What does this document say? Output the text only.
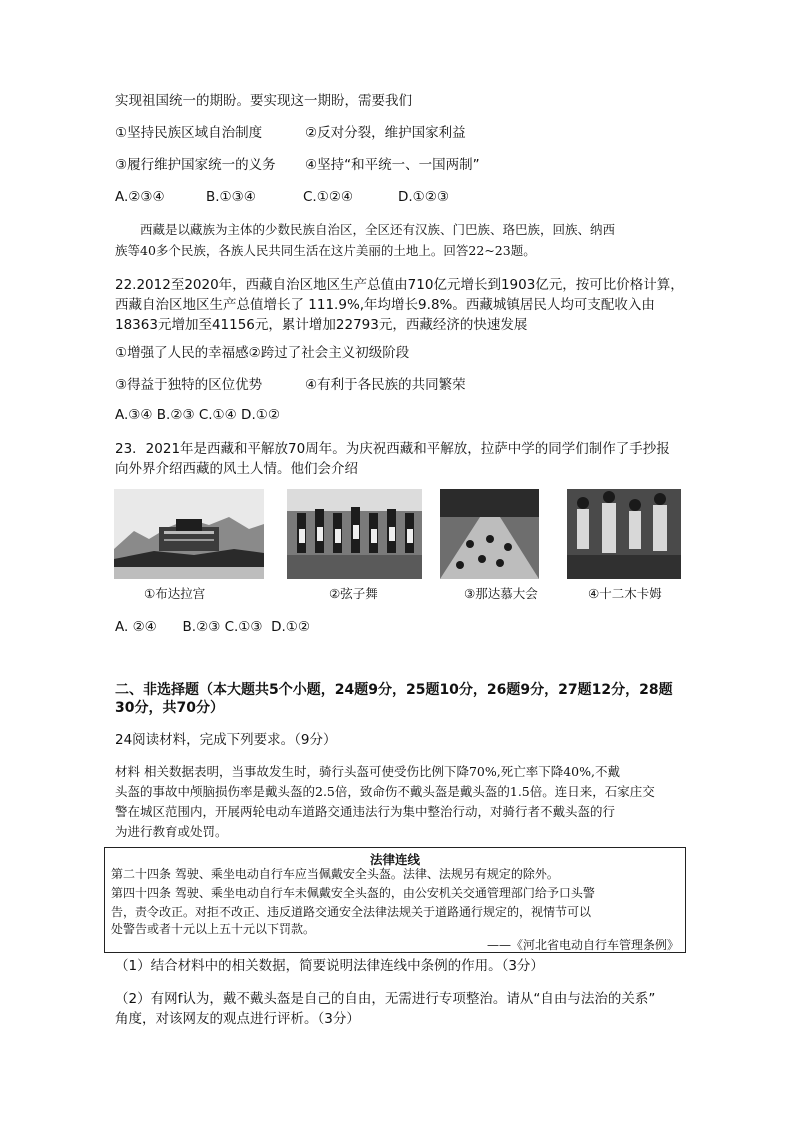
实现祖国统一的期盼。要实现这一期盼，需要我们
①坚持民族区域自治制度	②反对分裂，维护国家利益
③履行维护国家统一的义务 ④坚持“和平统一、一国两制”
A.②③④	B.①③④	C.①②④	D.①②③
西藏是以藏族为主体的少数民族自治区，全区还有汉族、门巴族、珞巴族，回族、纳西
族等40多个民族，各族人民共同生活在这片美丽的土地上。回答22~23题。
22.2012至2020年，西藏自治区地区生产总值由710亿元增长到1903亿元，按可比价格计算，
西藏自治区地区生产总值增长了 111.9%,年均增长9.8%。西藏城镇居民人均可支配收入由
18363元增加至41156元，累计增加22793元，西藏经济的快速发展
①增强了人民的幸福感②跨过了社会主义初级阶段
③得益于独特的区位优势	④有利于各民族的共同繁荣
A.③④ B.②③ C.①④ D.①②
23．2021年是西藏和平解放70周年。为庆祝西藏和平解放，拉萨中学的同学们制作了手抄报
向外界介绍西藏的风土人情。他们会介绍
①布达拉宫	②弦子舞	③那达慕大会	④十二木卡姆
A. ②④      B.②③ C.①③  D.①②
二、非选择题（本大题共5个小题，24题9分，25题10分，26题9分，27题12分，28题
30分，共70分）
24阅读材料，完成下列要求。（9分）
材料 相关数据表明，当事故发生时，骑行头盔可使受伤比例下降70%,死亡率下降40%,不戴
头盔的事故中颅脑损伤率是戴头盔的2.5倍，致命伤不戴头盔是戴头盔的1.5倍。连日来，石家庄交
警在城区范围内，开展两轮电动车道路交通违法行为集中整治行动，对骑行者不戴头盔的行
为进行教育或处罚。
法律连线
第二十四条 驾驶、乘坐电动自行车应当佩戴安全头盔。法律、法规另有规定的除外。
第四十四条 驾驶、乘坐电动自行车未佩戴安全头盔的，由公安机关交通管理部门给予口头警
告，责令改正。对拒不改正、违反道路交通安全法律法规关于道路通行规定的，视情节可以
处警告或者十元以上五十元以下罚款。
——《河北省电动自行车管理条例》
（1）结合材料中的相关数据，简要说明法律连线中条例的作用。（3分）
（2）有网f认为，戴不戴头盔是自己的自由，无需进行专项整治。请从“自由与法治的关系”
角度，对该网友的观点进行评析。（3分）
